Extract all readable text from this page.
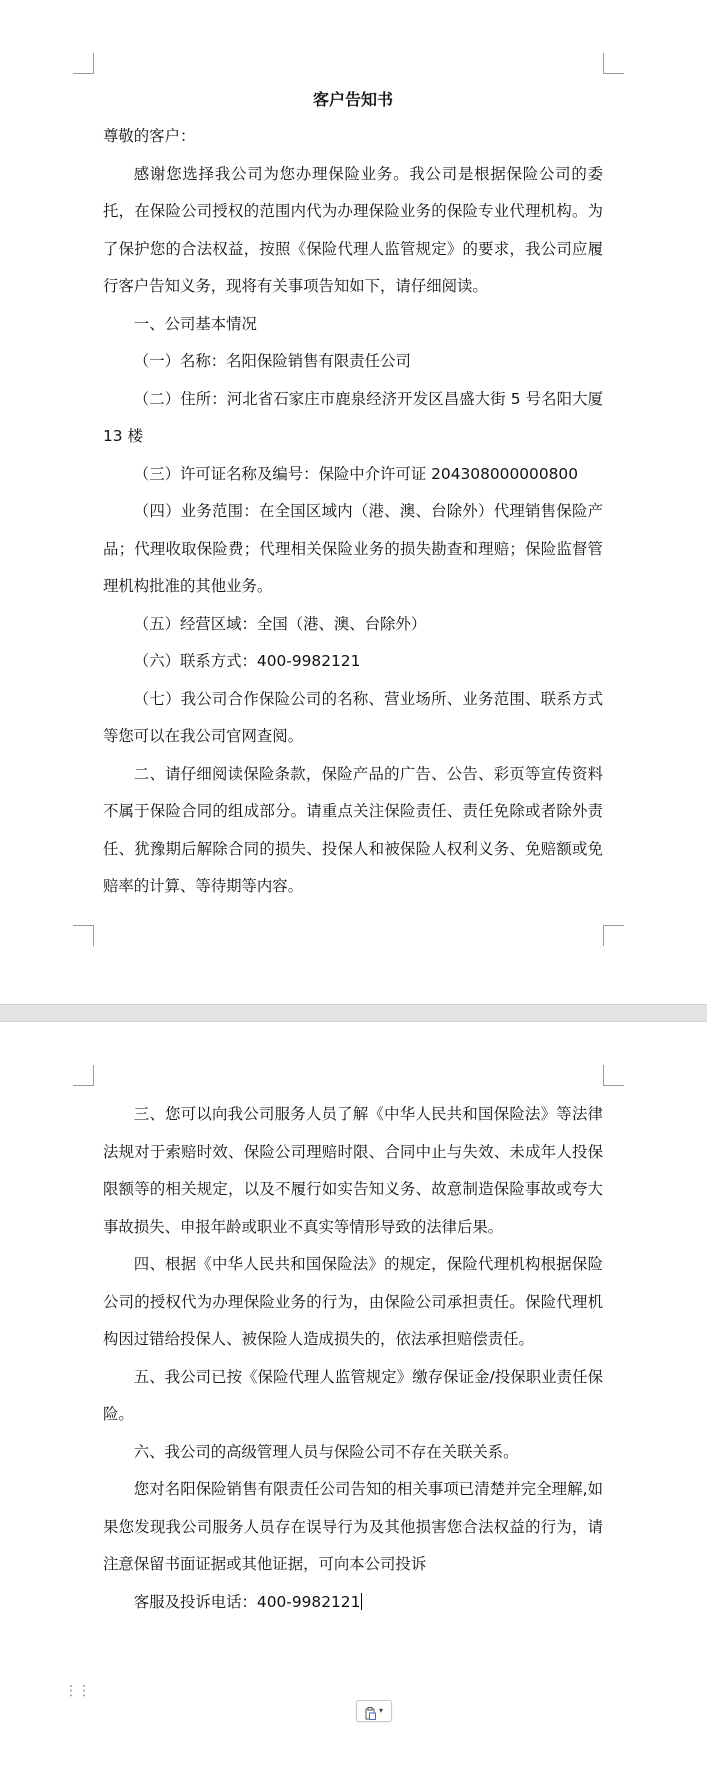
客户告知书

尊敬的客户：

感谢您选择我公司为您办理保险业务。我公司是根据保险公司的委托，在保险公司授权的范围内代为办理保险业务的保险专业代理机构。为了保护您的合法权益，按照《保险代理人监管规定》的要求，我公司应履行客户告知义务，现将有关事项告知如下，请仔细阅读。

一、公司基本情况

（一）名称：名阳保险销售有限责任公司

（二）住所：河北省石家庄市鹿泉经济开发区昌盛大街 5 号名阳大厦 13 楼

（三）许可证名称及编号：保险中介许可证 204308000000800

（四）业务范围：在全国区域内（港、澳、台除外）代理销售保险产品；代理收取保险费；代理相关保险业务的损失勘查和理赔；保险监督管理机构批准的其他业务。

（五）经营区域：全国（港、澳、台除外）

（六）联系方式：400-9982121

（七）我公司合作保险公司的名称、营业场所、业务范围、联系方式等您可以在我公司官网查阅。

二、请仔细阅读保险条款，保险产品的广告、公告、彩页等宣传资料不属于保险合同的组成部分。请重点关注保险责任、责任免除或者除外责任、犹豫期后解除合同的损失、投保人和被保险人权利义务、免赔额或免赔率的计算、等待期等内容。

三、您可以向我公司服务人员了解《中华人民共和国保险法》等法律法规对于索赔时效、保险公司理赔时限、合同中止与失效、未成年人投保限额等的相关规定，以及不履行如实告知义务、故意制造保险事故或夸大事故损失、申报年龄或职业不真实等情形导致的法律后果。

四、根据《中华人民共和国保险法》的规定，保险代理机构根据保险公司的授权代为办理保险业务的行为，由保险公司承担责任。保险代理机构因过错给投保人、被保险人造成损失的，依法承担赔偿责任。

五、我公司已按《保险代理人监管规定》缴存保证金/投保职业责任保险。

六、我公司的高级管理人员与保险公司不存在关联关系。

您对名阳保险销售有限责任公司告知的相关事项已清楚并完全理解,如果您发现我公司服务人员存在误导行为及其他损害您合法权益的行为，请注意保留书面证据或其他证据，可向本公司投诉

客服及投诉电话：400-9982121

⋮⋮
▾
